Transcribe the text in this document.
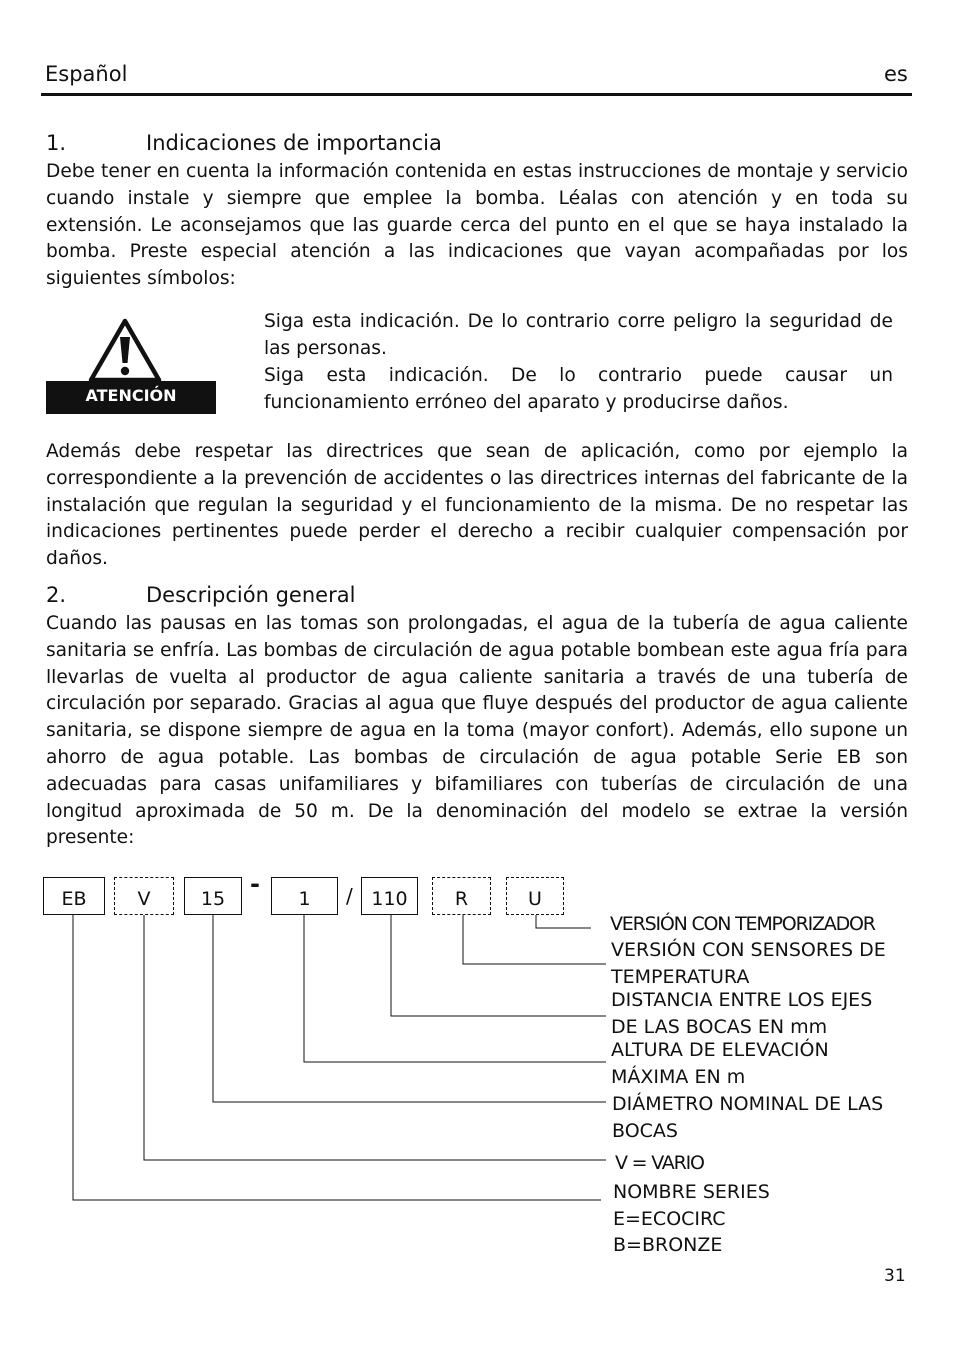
Español	es
1.	Indicaciones de importancia

Debe tener en cuenta la información contenida en estas instrucciones de montaje y servicio cuando instale y siempre que emplee la bomba. Léalas con atención y en toda su extensión. Le aconsejamos que las guarde cerca del punto en el que se haya instalado la bomba. Preste especial atención a las indicaciones que vayan acompañadas por los siguientes símbolos:

ATENCIÓN

Siga esta indicación. De lo contrario corre peligro la seguridad de las personas.

Siga esta indicación. De lo contrario puede causar un funcionamiento erróneo del aparato y producirse daños.

Además debe respetar las directrices que sean de aplicación, como por ejemplo la correspondiente a la prevención de accidentes o las directrices internas del fabricante de la instalación que regulan la seguridad y el funcionamiento de la misma. De no respetar las indicaciones pertinentes puede perder el derecho a recibir cualquier compensación por daños.

2.	Descripción general

Cuando las pausas en las tomas son prolongadas, el agua de la tubería de agua caliente sanitaria se enfría. Las bombas de circulación de agua potable bombean este agua fría para llevarlas de vuelta al productor de agua caliente sanitaria a través de una tubería de circulación por separado. Gracias al agua que fluye después del productor de agua caliente sanitaria, se dispone siempre de agua en la toma (mayor confort). Además, ello supone un ahorro de agua potable. Las bombas de circulación de agua potable Serie EB son adecuadas para casas unifamiliares y bifamiliares con tuberías de circulación de una longitud aproximada de 50 m. De la denominación del modelo se extrae la versión presente:

EB	V	15
-
1	/ 110	R	U
VERSIÓN CON TEMPORIZADOR
VERSIÓN CON SENSORES DE
TEMPERATURA
DISTANCIA ENTRE LOS EJES
DE LAS BOCAS EN mm
ALTURA DE ELEVACIÓN
MÁXIMA EN m
DIÁMETRO NOMINAL DE LAS
BOCAS
V = VARIO
NOMBRE SERIES
E=ECOCIRC
B=BRONZE
31
